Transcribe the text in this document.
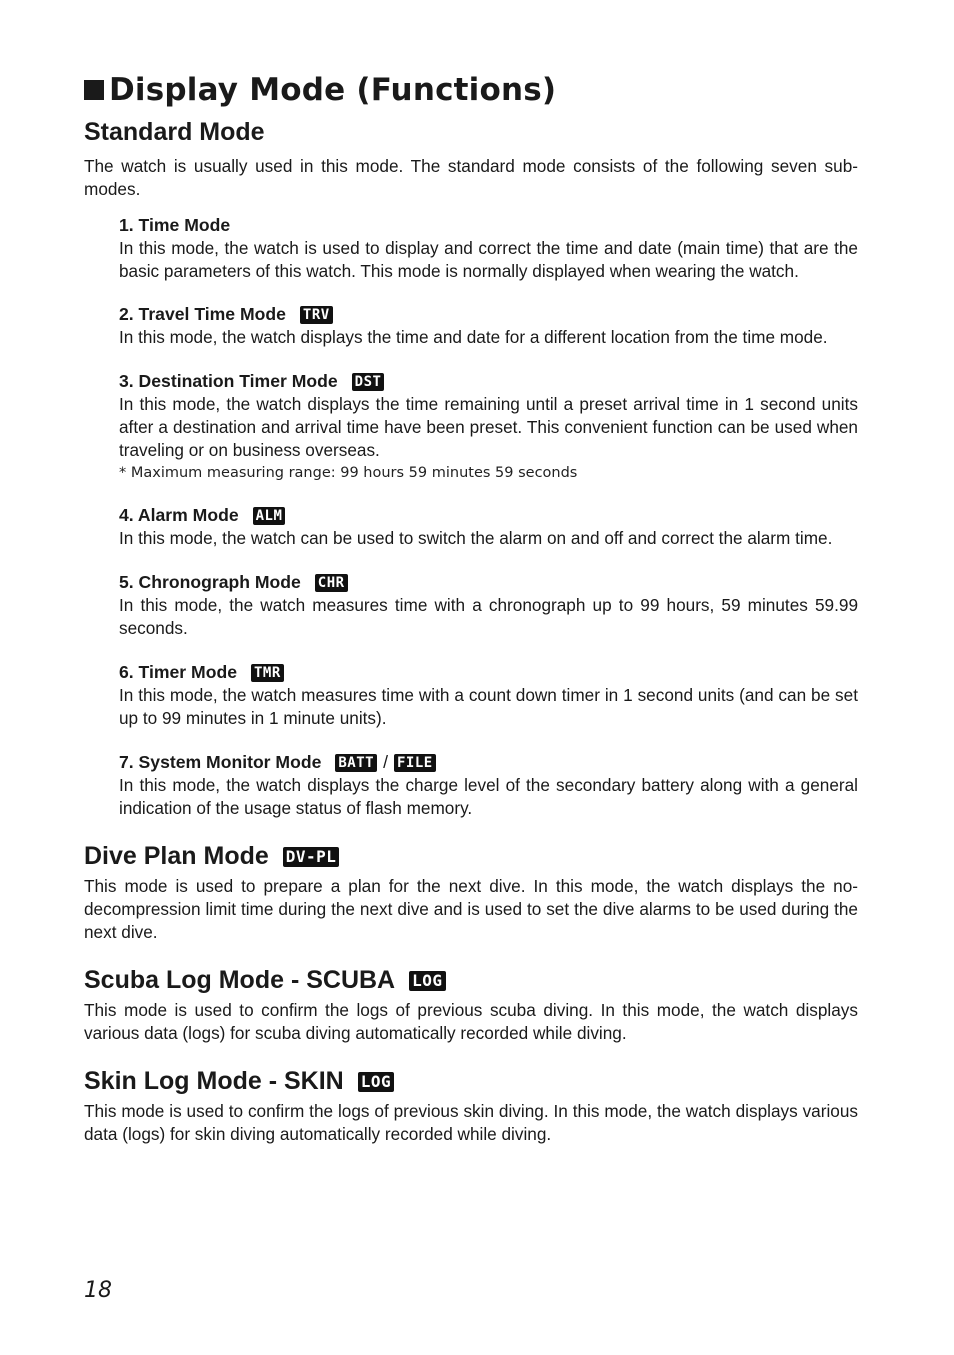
Display Mode (Functions)
Standard Mode

The watch is usually used in this mode. The standard mode consists of the following seven sub-modes.

1. Time Mode

In this mode, the watch is used to display and correct the time and date (main time) that are the basic parameters of this watch. This mode is normally displayed when wearing the watch.

2. Travel Time Mode TRV

In this mode, the watch displays the time and date for a different location from the time mode.

3. Destination Timer Mode DST

In this mode, the watch displays the time remaining until a preset arrival time in 1 second units after a destination and arrival time have been preset. This convenient function can be used when traveling or on business overseas.

* Maximum measuring range: 99 hours 59 minutes 59 seconds

4. Alarm Mode ALM

In this mode, the watch can be used to switch the alarm on and off and correct the alarm time.

5. Chronograph Mode CHR

In this mode, the watch measures time with a chronograph up to 99 hours, 59 minutes 59.99 seconds.

6. Timer Mode TMR

In this mode, the watch measures time with a count down timer in 1 second units (and can be set up to 99 minutes in 1 minute units).

7. System Monitor Mode BATT / FILE

In this mode, the watch displays the charge level of the secondary battery along with a general indication of the usage status of flash memory.

Dive Plan Mode DV-PL

This mode is used to prepare a plan for the next dive. In this mode, the watch displays the no-decompression limit time during the next dive and is used to set the dive alarms to be used during the next dive.

Scuba Log Mode - SCUBA LOG

This mode is used to confirm the logs of previous scuba diving. In this mode, the watch displays various data (logs) for scuba diving automatically recorded while diving.

Skin Log Mode - SKIN LOG

This mode is used to confirm the logs of previous skin diving. In this mode, the watch displays various data (logs) for skin diving automatically recorded while diving.

18
